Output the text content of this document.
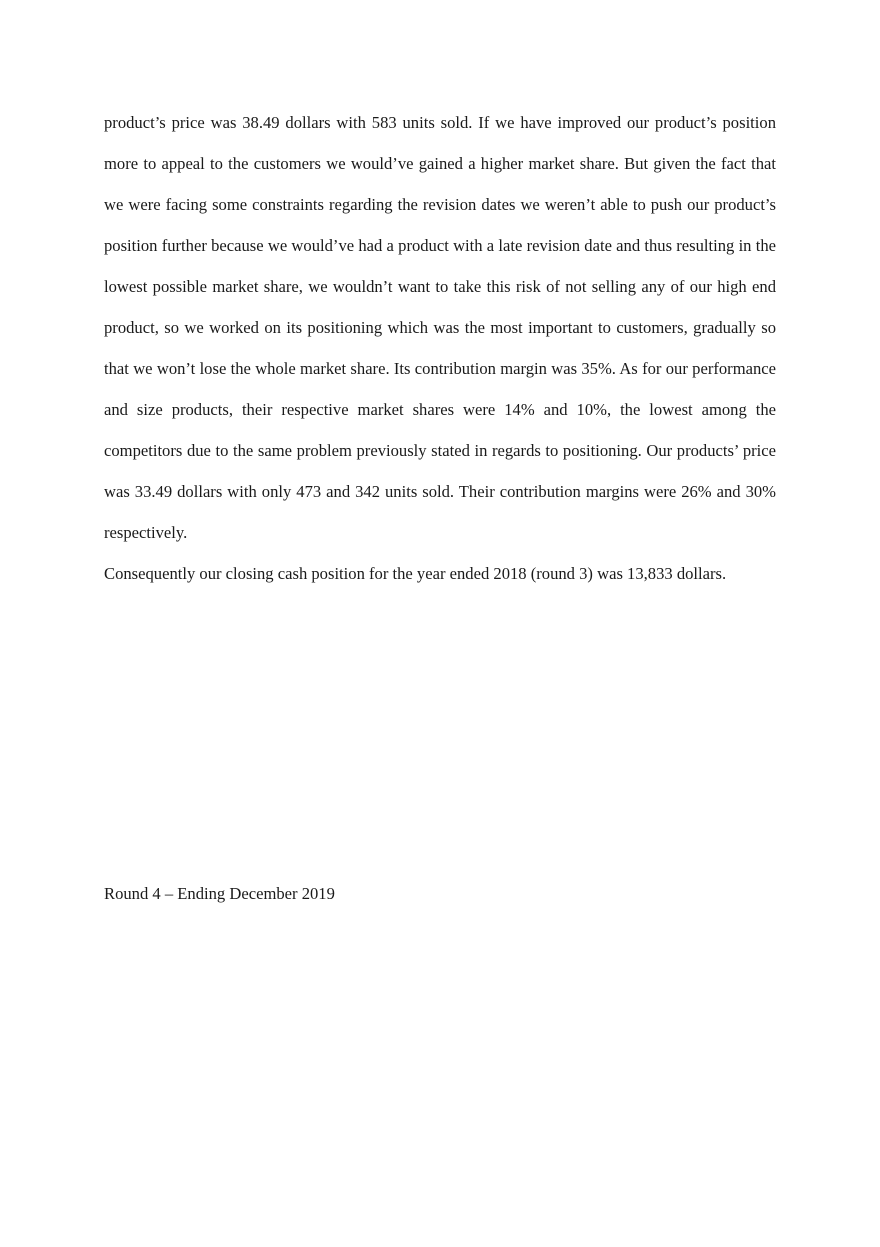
product’s price was 38.49 dollars with 583 units sold. If we have improved our product’s position more to appeal to the customers we would’ve gained a higher market share. But given the fact that we were facing some constraints regarding the revision dates we weren’t able to push our product’s position further because we would’ve had a product with a late revision date and thus resulting in the lowest possible market share, we wouldn’t want to take this risk of not selling any of our high end product, so we worked on its positioning which was the most important to customers, gradually so that we won’t lose the whole market share. Its contribution margin was 35%. As for our performance and size products, their respective market shares were 14% and 10%, the lowest among the competitors due to the same problem previously stated in regards to positioning. Our products’ price was 33.49 dollars with only 473 and 342 units sold. Their contribution margins were 26% and 30% respectively.

Consequently our closing cash position for the year ended 2018 (round 3) was 13,833 dollars.

Round 4 – Ending December 2019
